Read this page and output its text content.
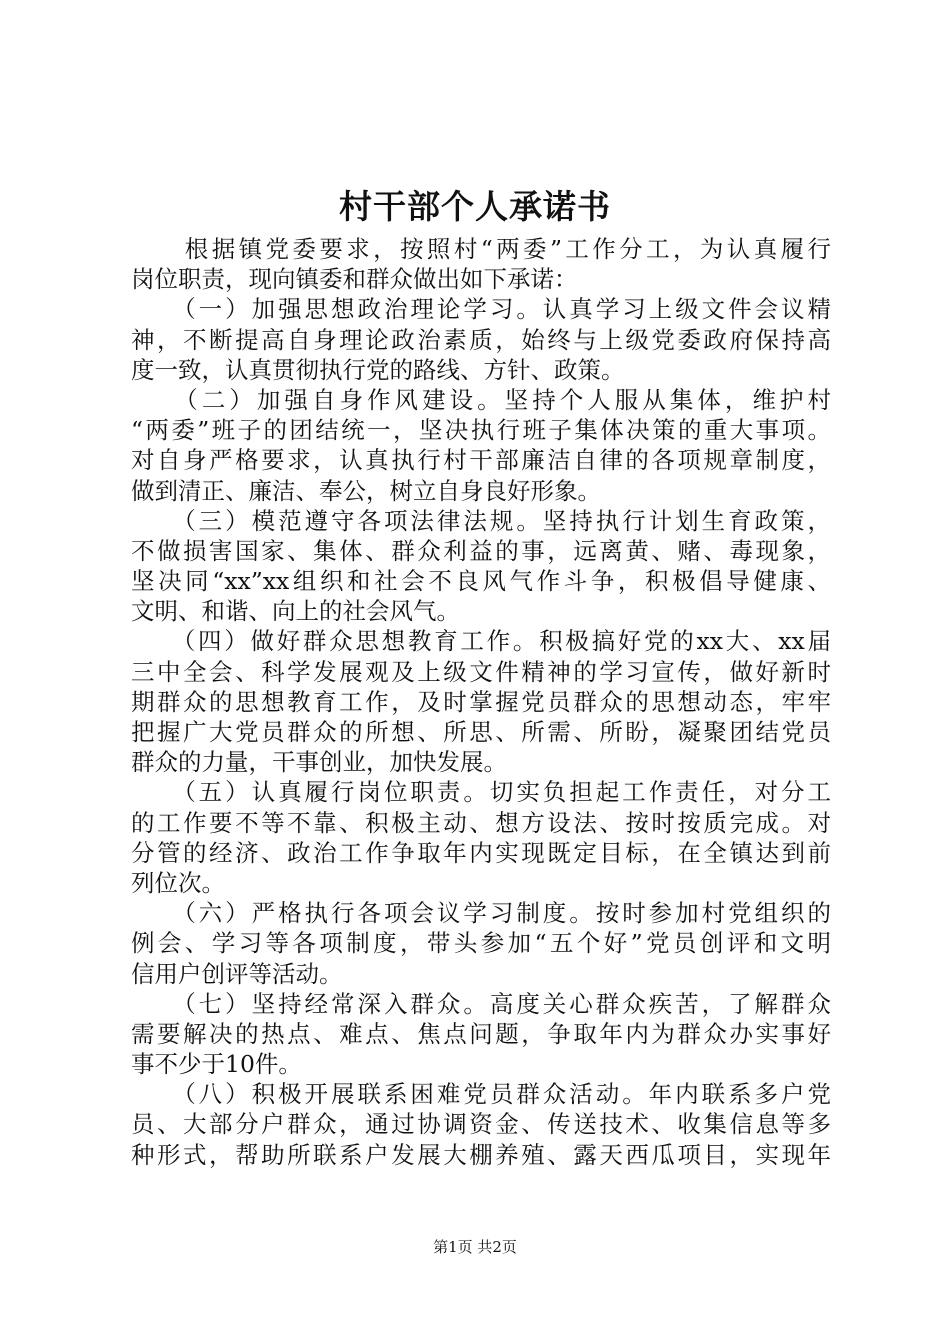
村干部个人承诺书
　　根据镇党委要求，按照村“两委”工作分工，为认真履行
岗位职责，现向镇委和群众做出如下承诺：
　　（一）加强思想政治理论学习。认真学习上级文件会议精
神，不断提高自身理论政治素质，始终与上级党委政府保持高
度一致，认真贯彻执行党的路线、方针、政策。
　　（二）加强自身作风建设。坚持个人服从集体，维护村
“两委”班子的团结统一，坚决执行班子集体决策的重大事项。
对自身严格要求，认真执行村干部廉洁自律的各项规章制度，
做到清正、廉洁、奉公，树立自身良好形象。
　　（三）模范遵守各项法律法规。坚持执行计划生育政策，
不做损害国家、集体、群众利益的事，远离黄、赌、毒现象，
坚决同“xx”xx组织和社会不良风气作斗争，积极倡导健康、
文明、和谐、向上的社会风气。
　　（四）做好群众思想教育工作。积极搞好党的xx大、xx届
三中全会、科学发展观及上级文件精神的学习宣传，做好新时
期群众的思想教育工作，及时掌握党员群众的思想动态，牢牢
把握广大党员群众的所想、所思、所需、所盼，凝聚团结党员
群众的力量，干事创业，加快发展。
　　（五）认真履行岗位职责。切实负担起工作责任，对分工
的工作要不等不靠、积极主动、想方设法、按时按质完成。对
分管的经济、政治工作争取年内实现既定目标，在全镇达到前
列位次。
　　（六）严格执行各项会议学习制度。按时参加村党组织的
例会、学习等各项制度，带头参加“五个好”党员创评和文明
信用户创评等活动。
　　（七）坚持经常深入群众。高度关心群众疾苦，了解群众
需要解决的热点、难点、焦点问题，争取年内为群众办实事好
事不少于10件。
　　（八）积极开展联系困难党员群众活动。年内联系多户党
员、大部分户群众，通过协调资金、传送技术、收集信息等多
种形式，帮助所联系户发展大棚养殖、露天西瓜项目，实现年
第1页 共2页
